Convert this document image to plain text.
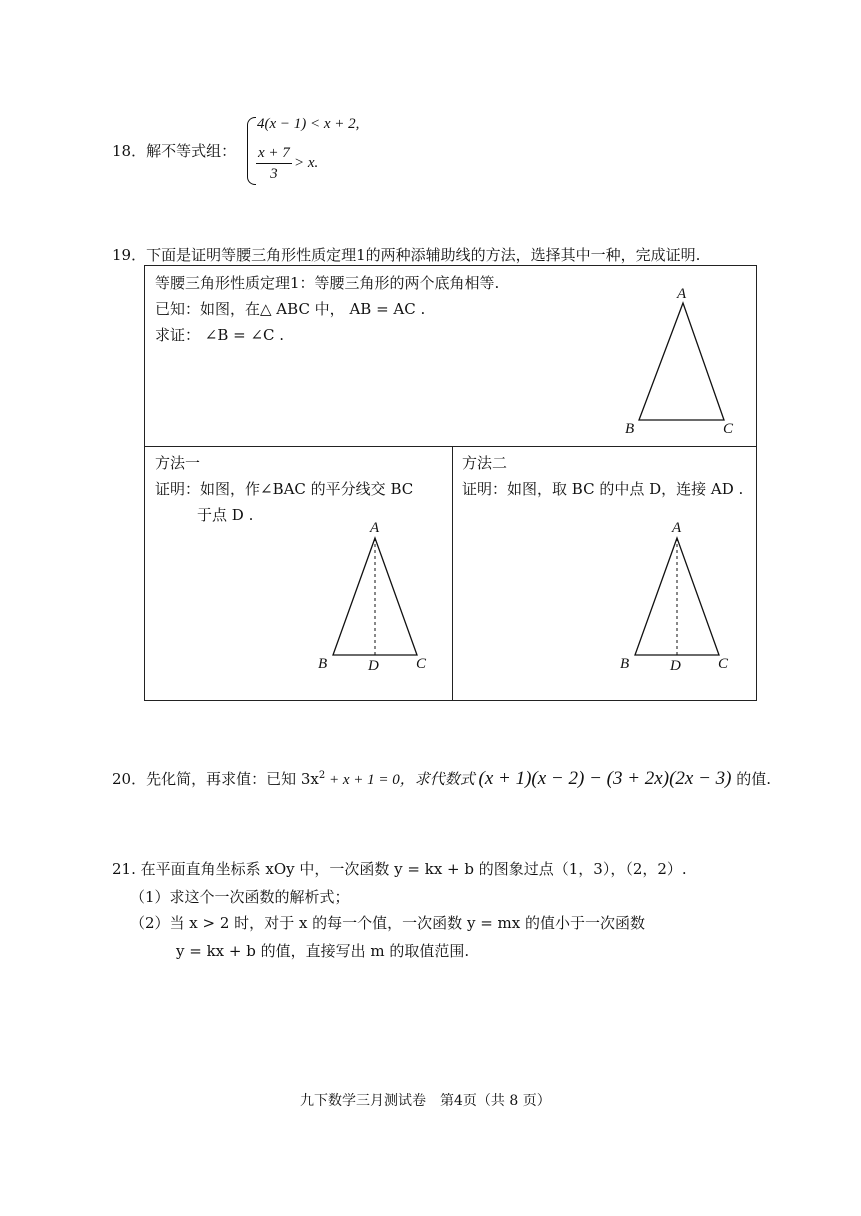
18．解不等式组：
4(x − 1) < x + 2,
$\frac{x + 7}{3} > x$.
19．下面是证明等腰三角形性质定理1的两种添辅助线的方法，选择其中一种，完成证明.
等腰三角形性质定理1：等腰三角形的两个底角相等.
已知：如图，在△ ABC 中， AB = AC .
求证： ∠B = ∠C .
A
B	C
方法一
证明：如图，作∠BAC 的平分线交 BC
于点 D .
A
B	D C
方法二
证明：如图，取 BC 的中点 D，连接 AD .
A
B	D C
20．先化简，再求值：已知 $3x^2 + x + 1 = 0$，求代数式 (x + 1)(x − 2) − (3 + 2x)(2x − 3) 的值.
21. 在平面直角坐标系 xOy 中，一次函数 y = kx + b 的图象过点（1，3），（2，2）.
（1）求这个一次函数的解析式；
（2）当 x > 2 时，对于 x 的每一个值，一次函数 y = mx 的值小于一次函数
y = kx + b 的值，直接写出 m 的取值范围.
九下数学三月测试卷　第4页（共 8 页）
